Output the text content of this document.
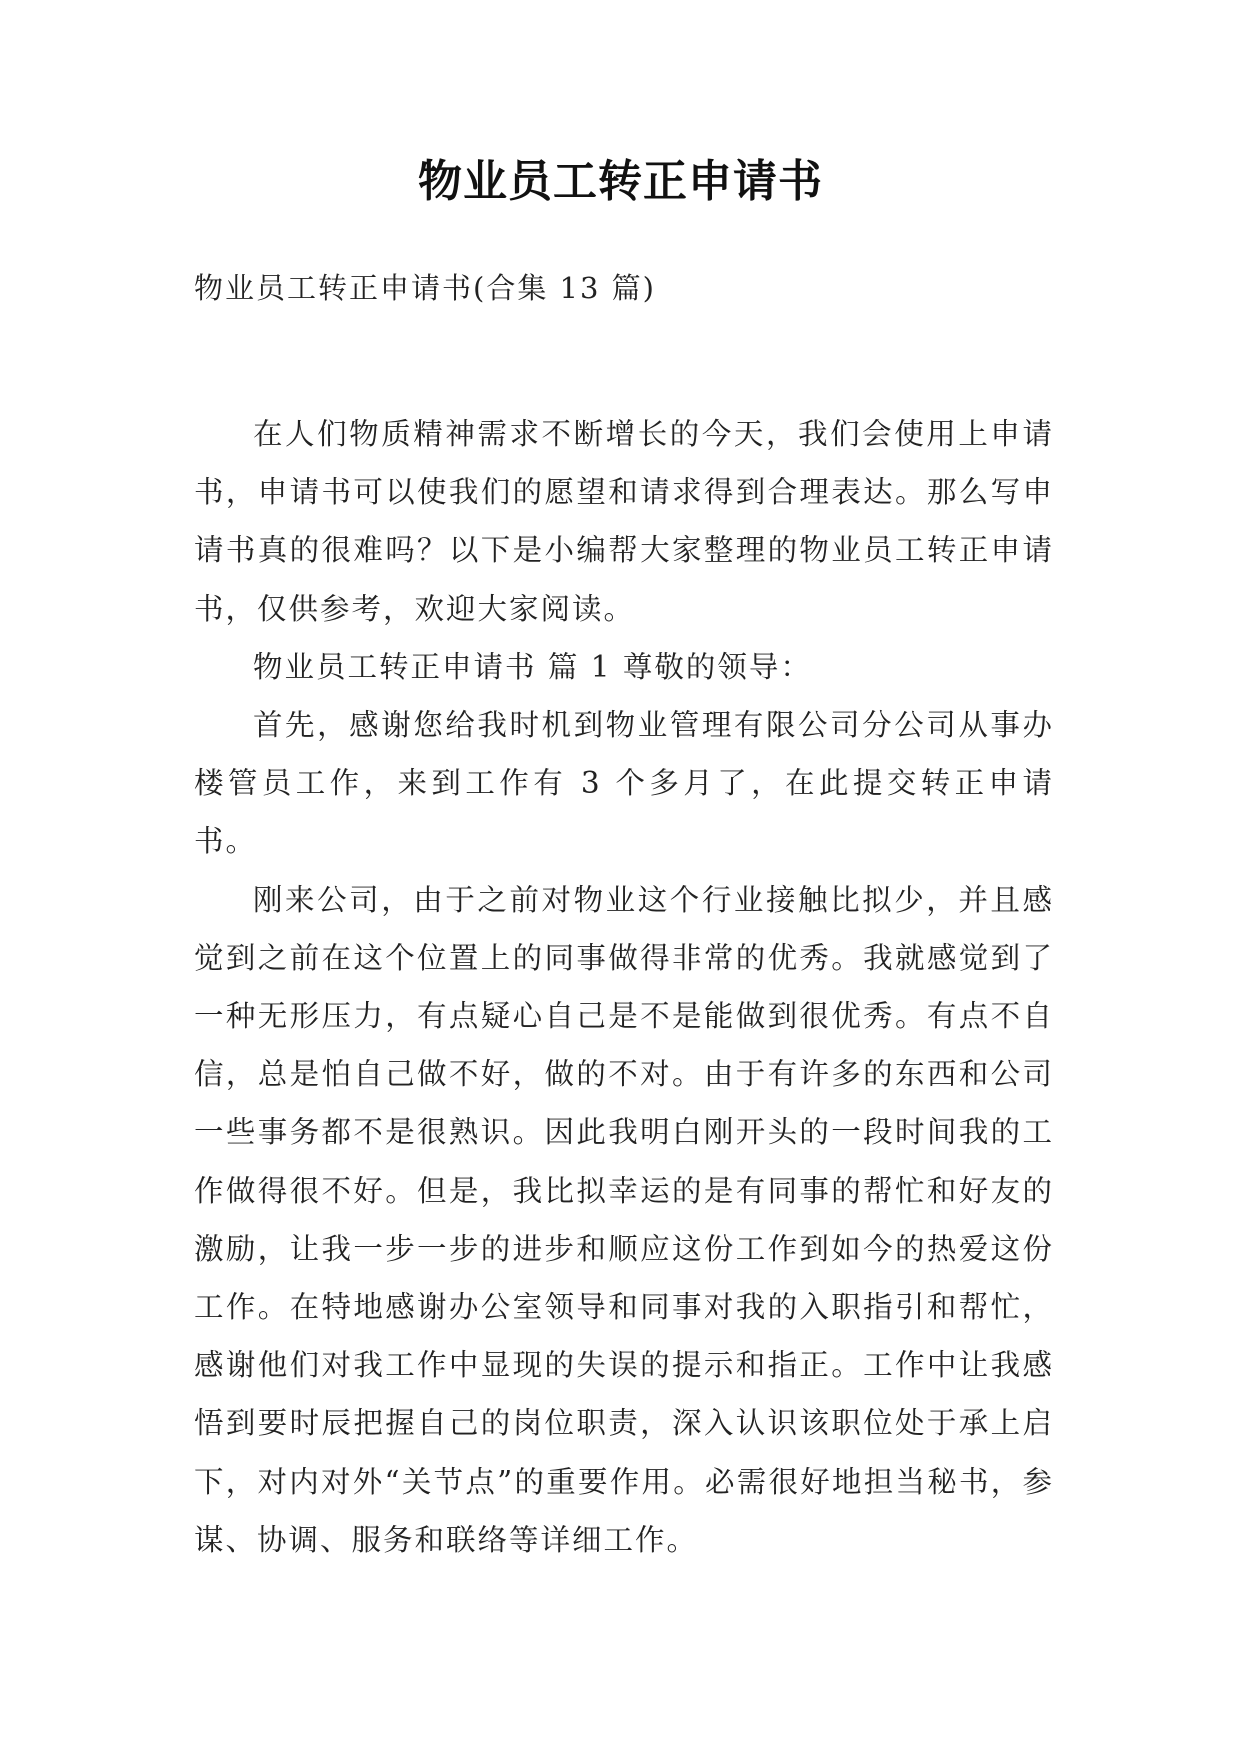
物业员工转正申请书
物业员工转正申请书(合集 13 篇)

在人们物质精神需求不断增长的今天，我们会使用上申请书，申请书可以使我们的愿望和请求得到合理表达。那么写申请书真的很难吗？以下是小编帮大家整理的物业员工转正申请书，仅供参考，欢迎大家阅读。

物业员工转正申请书 篇 1 尊敬的领导：

首先，感谢您给我时机到物业管理有限公司分公司从事办楼管员工作，来到工作有 3 个多月了，在此提交转正申请书。

刚来公司，由于之前对物业这个行业接触比拟少，并且感觉到之前在这个位置上的同事做得非常的优秀。我就感觉到了一种无形压力，有点疑心自己是不是能做到很优秀。有点不自信，总是怕自己做不好，做的不对。由于有许多的东西和公司一些事务都不是很熟识。因此我明白刚开头的一段时间我的工作做得很不好。但是，我比拟幸运的是有同事的帮忙和好友的激励，让我一步一步的进步和顺应这份工作到如今的热爱这份工作。在特地感谢办公室领导和同事对我的入职指引和帮忙，感谢他们对我工作中显现的失误的提示和指正。工作中让我感悟到要时辰把握自己的岗位职责，深入认识该职位处于承上启下，对内对外“关节点”的重要作用。必需很好地担当秘书，参谋、协调、服务和联络等详细工作。
